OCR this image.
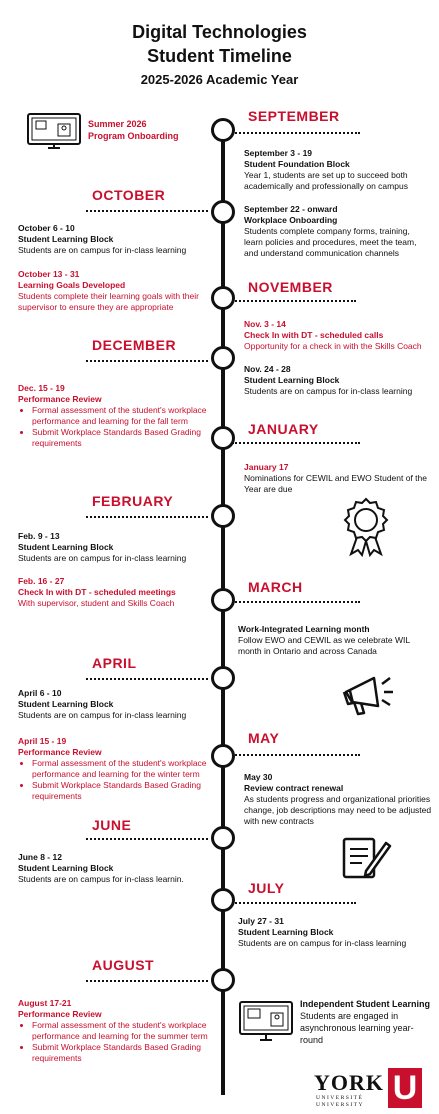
Digital Technologies
Student Timeline
2025-2026 Academic Year
SEPTEMBER
OCTOBER
NOVEMBER
DECEMBER
JANUARY
FEBRUARY
MARCH
APRIL
MAY
JUNE
JULY
AUGUST
Summer 2026
Program Onboarding
September 3 - 19
Student Foundation Block
Year 1, students are set up to succeed both academically and professionally on campus
September 22 - onward
Workplace Onboarding
Students complete company forms, training, learn policies and procedures, meet the team, and understand communication channels
October 6 - 10
Student Learning Block
Students are on campus for in-class learning
October 13 - 31
Learning Goals Developed
Students complete their learning goals with their supervisor to ensure they are appropriate
Nov. 3 - 14
Check In with DT - scheduled calls
Opportunity for a check in with the Skills Coach
Nov. 24 - 28
Student Learning Block
Students are on campus for in-class learning
Dec. 15 - 19
Performance Review
• Formal assessment of the student's workplace performance and learning for the fall term
• Submit Workplace Standards Based Grading requirements
January 17
Nominations for CEWIL and EWO Student of the Year are due
Feb. 9 - 13
Student Learning Block
Students are on campus for in-class learning
Feb. 16 - 27
Check In with DT - scheduled meetings
With supervisor, student and Skills Coach
Work-Integrated Learning month
Follow EWO and CEWIL as we celebrate WIL month in Ontario and across Canada
April 6 - 10
Student Learning Block
Students are on campus for in-class learning
April 15 - 19
Performance Review
• Formal assessment of the student's workplace performance and learning for the winter term
• Submit Workplace Standards Based Grading requirements
May 30
Review contract renewal
As students progress and organizational priorities change, job descriptions may need to be adjusted with new contracts
June 8 - 12
Student Learning Block
Students are on campus for in-class learnin.
July 27 - 31
Student Learning Block
Students are on campus for in-class learning
August 17-21
Performance Review
• Formal assessment of the student's workplace performance and learning for the summer term
• Submit Workplace Standards Based Grading requirements
Independent Student Learning
Students are engaged in asynchronous learning year-round
YORK
UNIVERSITÉ
UNIVERSITY U
